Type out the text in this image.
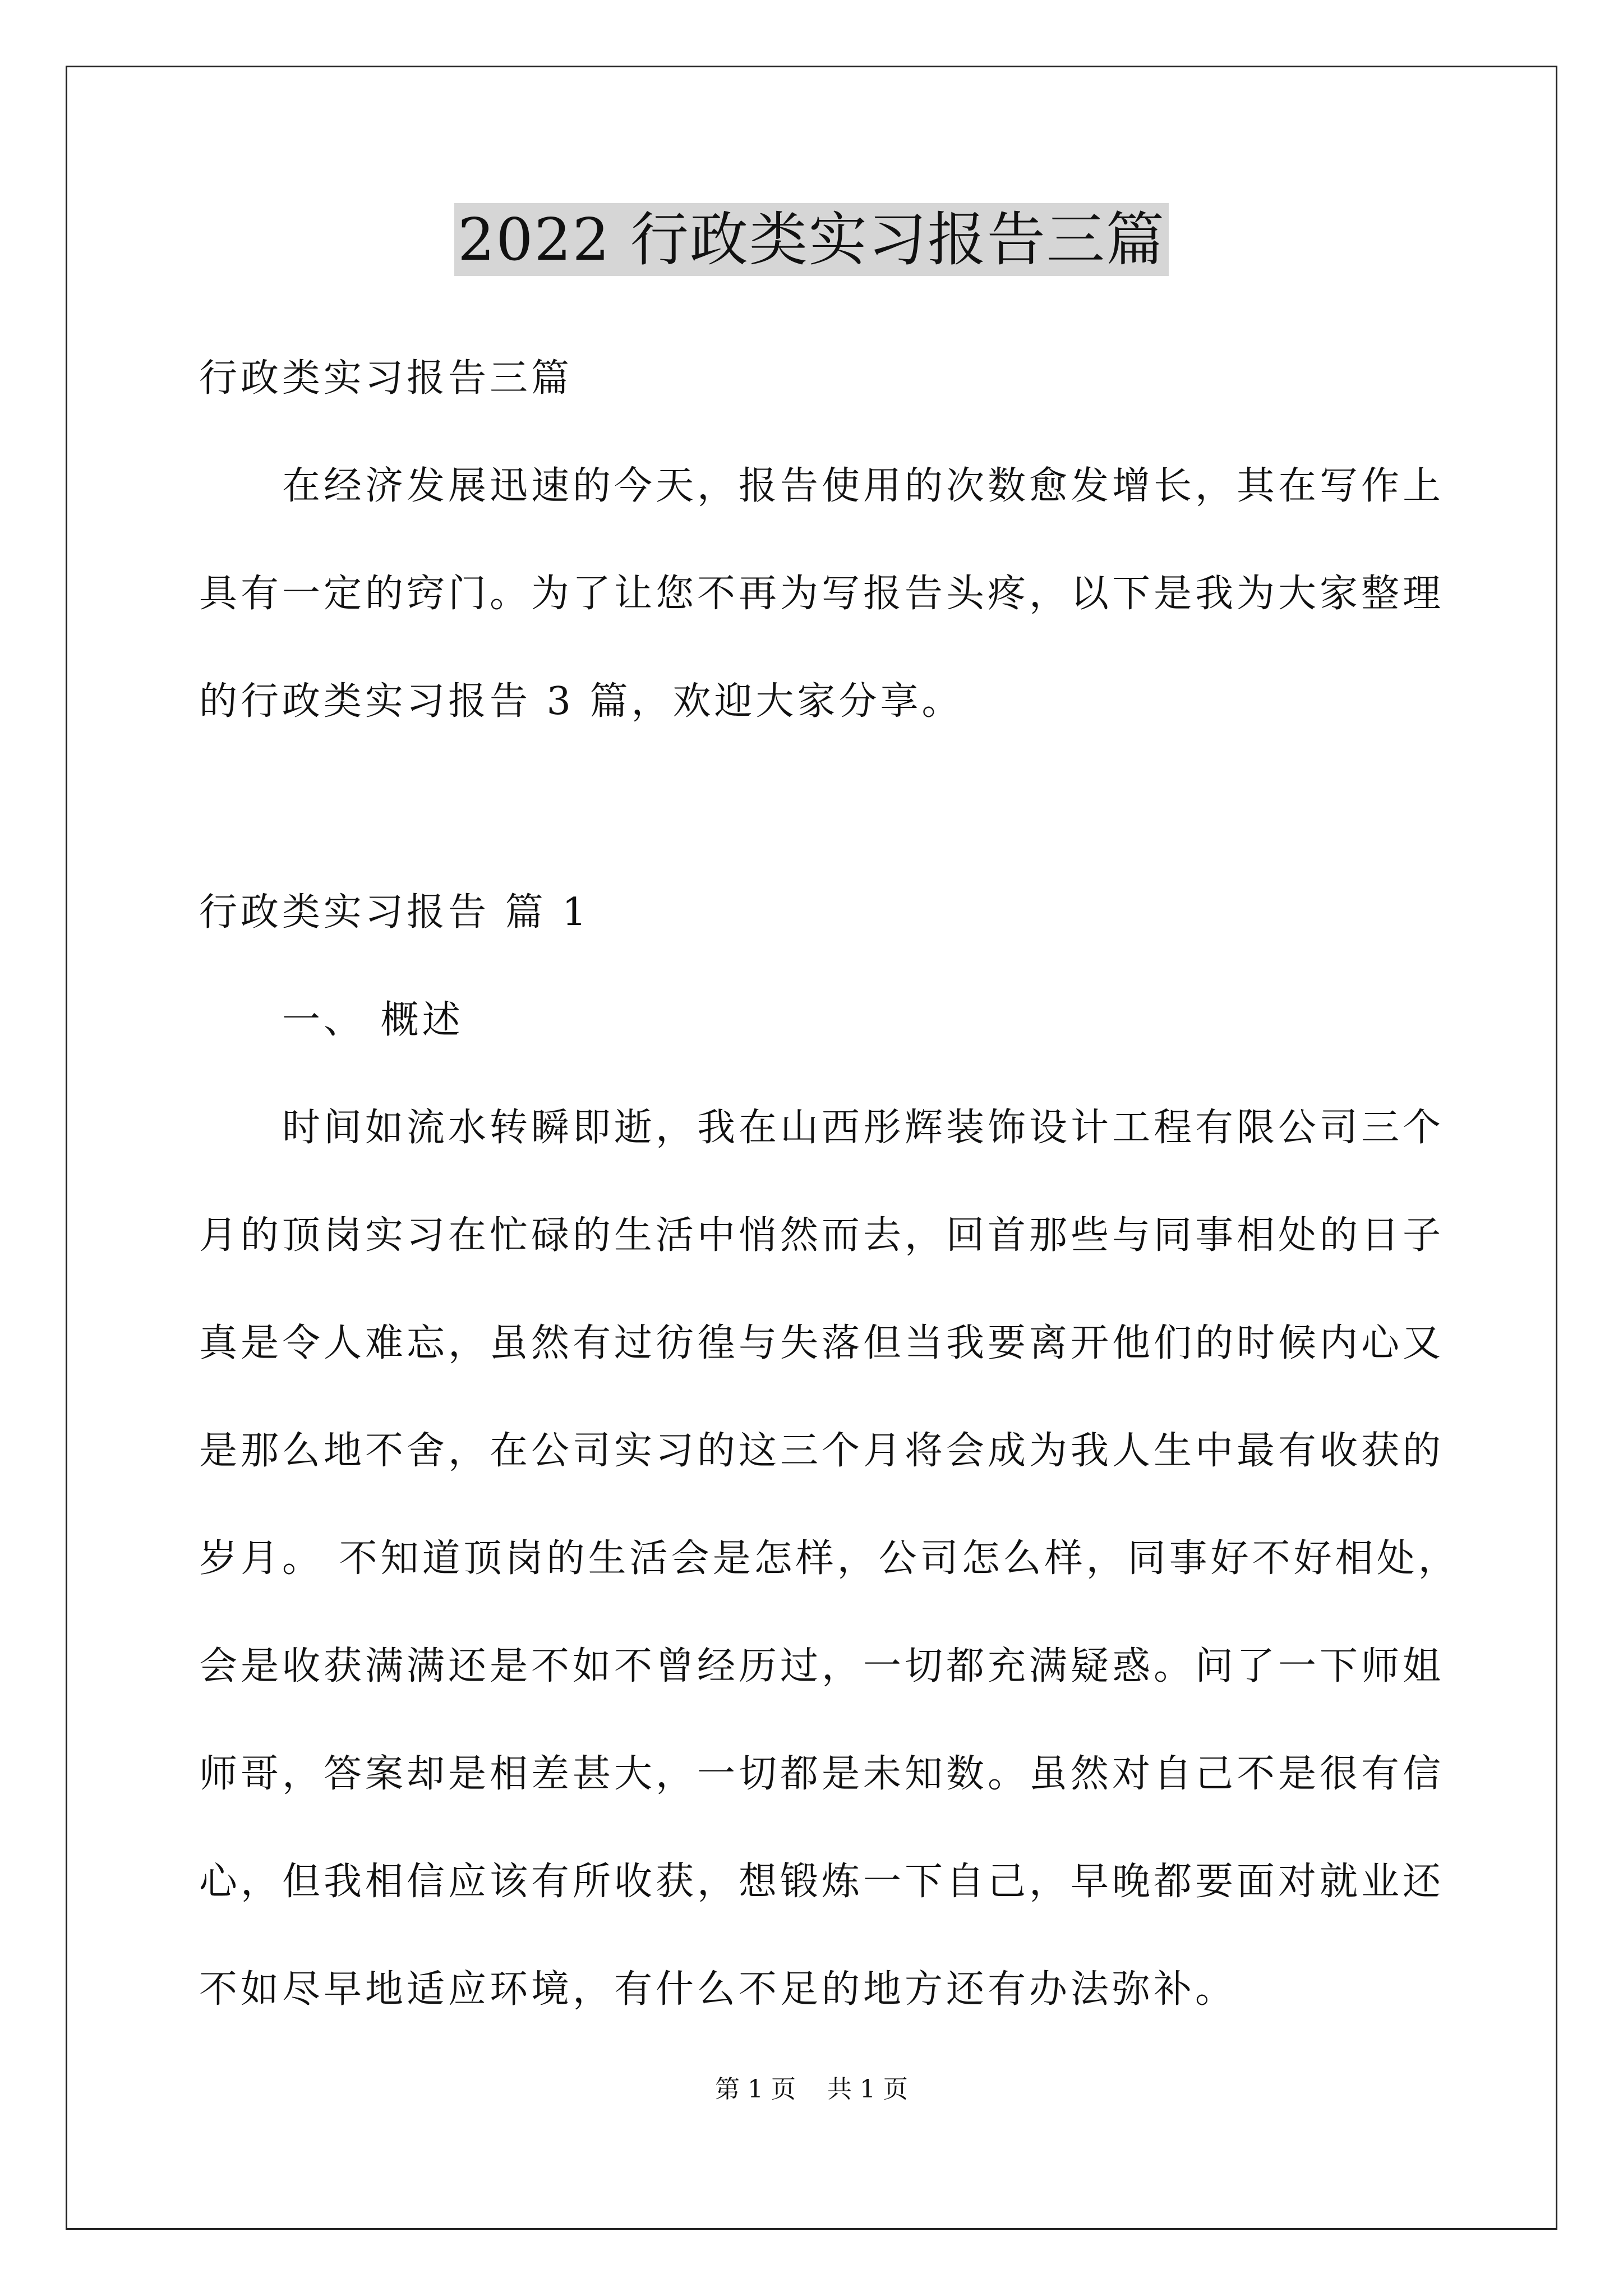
2022 行政类实习报告三篇
行政类实习报告三篇
在经济发展迅速的今天，报告使用的次数愈发增长，其在写作上
具有一定的窍门。为了让您不再为写报告头疼，以下是我为大家整理
的行政类实习报告 3 篇，欢迎大家分享。
行政类实习报告 篇 1
一、 概述
时间如流水转瞬即逝，我在山西彤辉装饰设计工程有限公司三个
月的顶岗实习在忙碌的生活中悄然而去，回首那些与同事相处的日子
真是令人难忘，虽然有过彷徨与失落但当我要离开他们的时候内心又
是那么地不舍，在公司实习的这三个月将会成为我人生中最有收获的
岁月。 不知道顶岗的生活会是怎样，公司怎么样，同事好不好相处，
会是收获满满还是不如不曾经历过，一切都充满疑惑。问了一下师姐
师哥，答案却是相差甚大，一切都是未知数。虽然对自己不是很有信
心，但我相信应该有所收获，想锻炼一下自己，早晚都要面对就业还
不如尽早地适应环境，有什么不足的地方还有办法弥补。
第 1 页    共 1 页
